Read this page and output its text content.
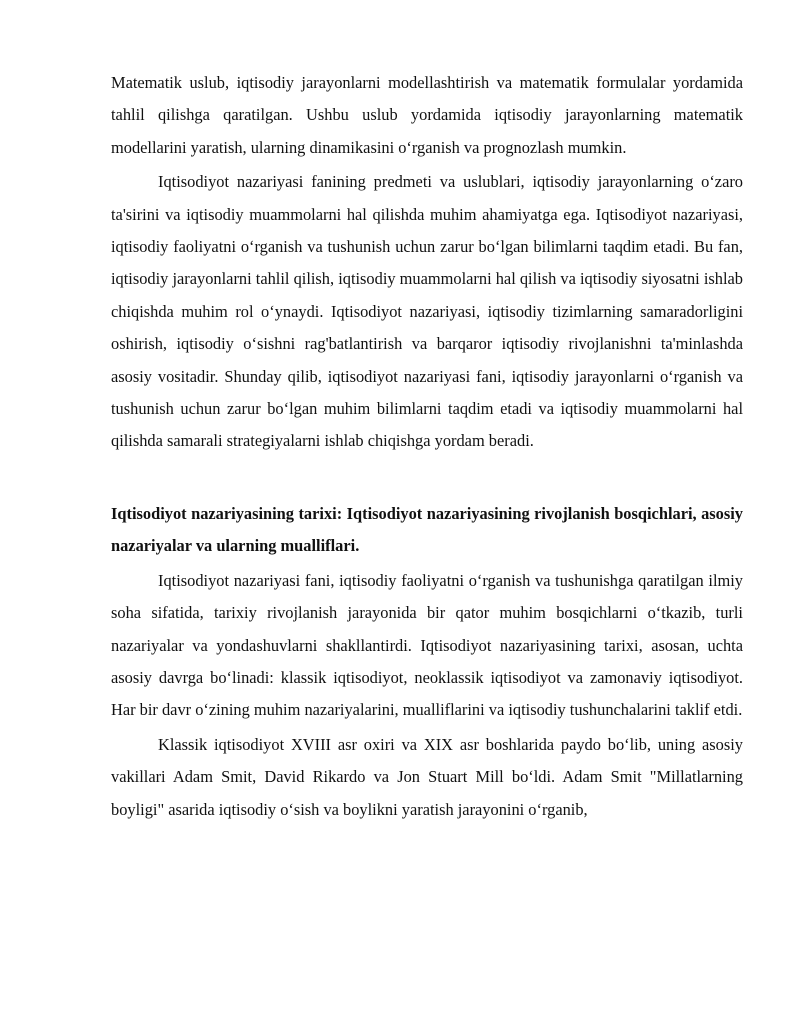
Matematik uslub, iqtisodiy jarayonlarni modellashtirish va matematik formulalar yordamida tahlil qilishga qaratilgan. Ushbu uslub yordamida iqtisodiy jarayonlarning matematik modellarini yaratish, ularning dinamikasini o‘rganish va prognozlash mumkin.

Iqtisodiyot nazariyasi fanining predmeti va uslublari, iqtisodiy jarayonlarning o‘zaro ta'sirini va iqtisodiy muammolarni hal qilishda muhim ahamiyatga ega. Iqtisodiyot nazariyasi, iqtisodiy faoliyatni o‘rganish va tushunish uchun zarur bo‘lgan bilimlarni taqdim etadi. Bu fan, iqtisodiy jarayonlarni tahlil qilish, iqtisodiy muammolarni hal qilish va iqtisodiy siyosatni ishlab chiqishda muhim rol o‘ynaydi. Iqtisodiyot nazariyasi, iqtisodiy tizimlarning samaradorligini oshirish, iqtisodiy o‘sishni rag'batlantirish va barqaror iqtisodiy rivojlanishni ta'minlashda asosiy vositadir. Shunday qilib, iqtisodiyot nazariyasi fani, iqtisodiy jarayonlarni o‘rganish va tushunish uchun zarur bo‘lgan muhim bilimlarni taqdim etadi va iqtisodiy muammolarni hal qilishda samarali strategiyalarni ishlab chiqishga yordam beradi.

Iqtisodiyot nazariyasining tarixi: Iqtisodiyot nazariyasining rivojlanish bosqichlari, asosiy nazariyalar va ularning mualliflari.

Iqtisodiyot nazariyasi fani, iqtisodiy faoliyatni o‘rganish va tushunishga qaratilgan ilmiy soha sifatida, tarixiy rivojlanish jarayonida bir qator muhim bosqichlarni o‘tkazib, turli nazariyalar va yondashuvlarni shakllantirdi. Iqtisodiyot nazariyasining tarixi, asosan, uchta asosiy davrga bo‘linadi: klassik iqtisodiyot, neoklassik iqtisodiyot va zamonaviy iqtisodiyot. Har bir davr o‘zining muhim nazariyalarini, mualliflarini va iqtisodiy tushunchalarini taklif etdi.

Klassik iqtisodiyot XVIII asr oxiri va XIX asr boshlarida paydo bo‘lib, uning asosiy vakillari Adam Smit, David Rikardo va Jon Stuart Mill bo‘ldi. Adam Smit "Millatlarning boyligi" asarida iqtisodiy o‘sish va boylikni yaratish jarayonini o‘rganib,
